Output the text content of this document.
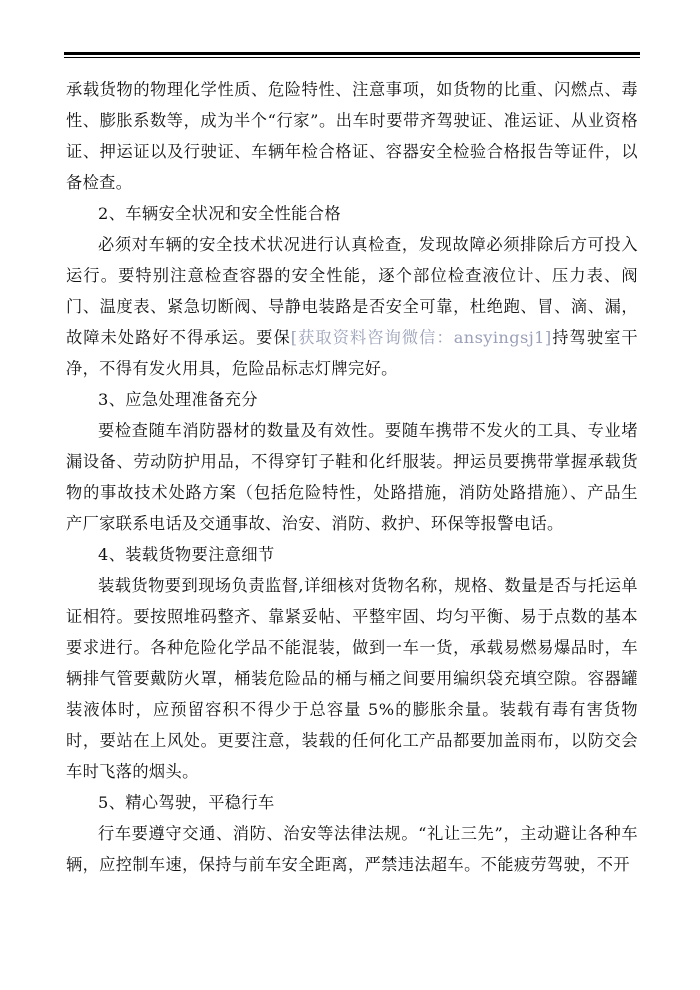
承载货物的物理化学性质、危险特性、注意事项，如货物的比重、闪燃点、毒性、膨胀系数等，成为半个“行家”。出车时要带齐驾驶证、准运证、从业资格证、押运证以及行驶证、车辆年检合格证、容器安全检验合格报告等证件，以备检查。

2、车辆安全状况和安全性能合格

必须对车辆的安全技术状况进行认真检查，发现故障必须排除后方可投入运行。要特别注意检查容器的安全性能，逐个部位检查液位计、压力表、阀门、温度表、紧急切断阀、导静电装路是否安全可靠，杜绝跑、冒、滴、漏，故障未处路好不得承运。要保[获取资料咨询微信：ansyingsj1]持驾驶室干净，不得有发火用具，危险品标志灯牌完好。

3、应急处理准备充分

要检查随车消防器材的数量及有效性。要随车携带不发火的工具、专业堵漏设备、劳动防护用品，不得穿钉子鞋和化纤服装。押运员要携带掌握承载货物的事故技术处路方案（包括危险特性，处路措施，消防处路措施）、产品生产厂家联系电话及交通事故、治安、消防、救护、环保等报警电话。

4、装载货物要注意细节

装载货物要到现场负责监督,详细核对货物名称，规格、数量是否与托运单证相符。要按照堆码整齐、靠紧妥帖、平整牢固、均匀平衡、易于点数的基本要求进行。各种危险化学品不能混装，做到一车一货，承载易燃易爆品时，车辆排气管要戴防火罩，桶装危险品的桶与桶之间要用编织袋充填空隙。容器罐装液体时，应预留容积不得少于总容量 5%的膨胀余量。装载有毒有害货物时，要站在上风处。更要注意，装载的任何化工产品都要加盖雨布，以防交会车时飞落的烟头。

5、精心驾驶，平稳行车

行车要遵守交通、消防、治安等法律法规。“礼让三先”，主动避让各种车辆，应控制车速，保持与前车安全距离，严禁违法超车。不能疲劳驾驶，不开
